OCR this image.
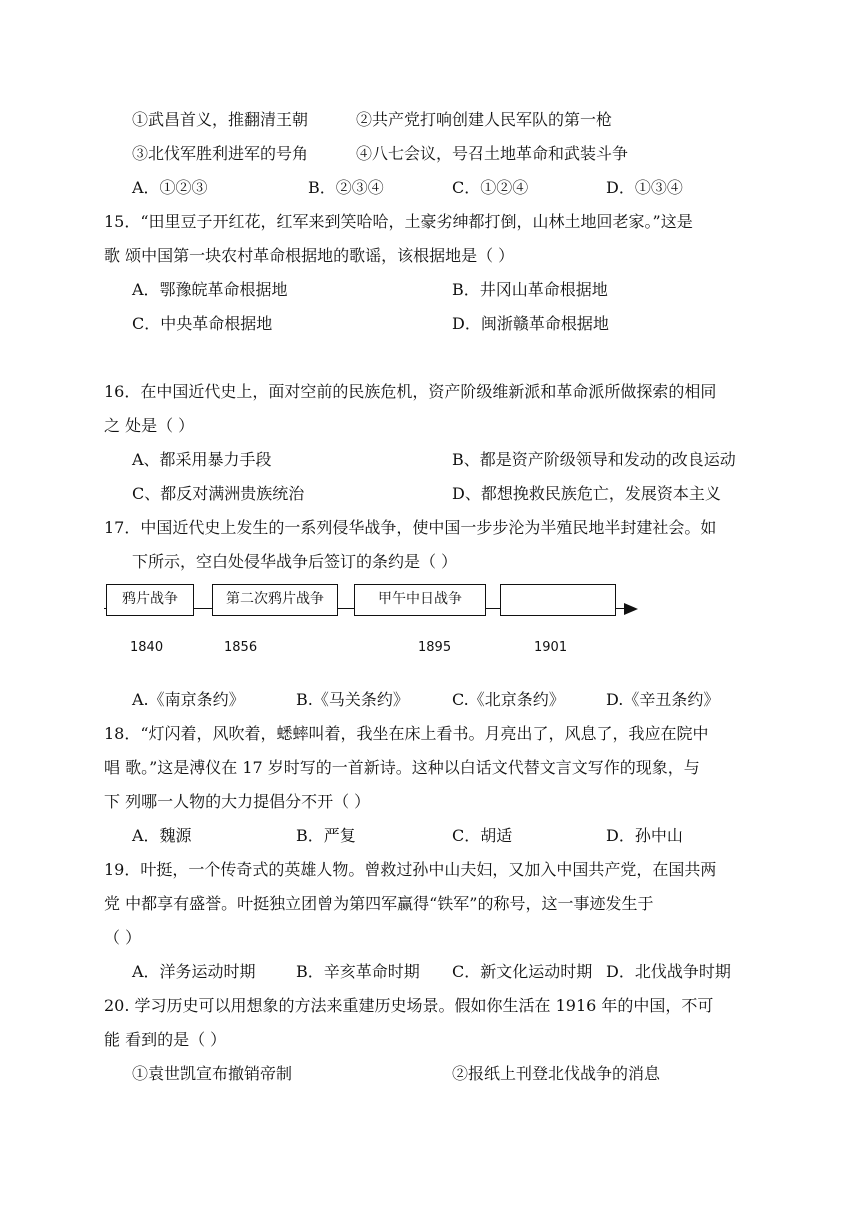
①武昌首义，推翻清王朝	②共产党打响创建人民军队的第一枪
③北伐军胜利进军的号角	④八七会议，号召土地革命和武装斗争
A．①②③	B．②③④	C．①②④	D．①③④
15．“田里豆子开红花，红军来到笑哈哈，土豪劣绅都打倒，山林土地回老家。”这是
歌 颂中国第一块农村革命根据地的歌谣，该根据地是（ ）
A．鄂豫皖革命根据地	B．井冈山革命根据地
C．中央革命根据地	D．闽浙赣革命根据地
16．在中国近代史上，面对空前的民族危机，资产阶级维新派和革命派所做探索的相同
之 处是（ ）
A、都采用暴力手段	B、都是资产阶级领导和发动的改良运动
C、都反对满洲贵族统治	D、都想挽救民族危亡，发展资本主义
17．中国近代史上发生的一系列侵华战争，使中国一步步沦为半殖民地半封建社会。如
下所示，空白处侵华战争后签订的条约是（ ）
鸦片战争	第二次鸦片战争	甲午中日战争
1840	1856	1895	1901
A.《南京条约》	B.《马关条约》	C.《北京条约》	D.《辛丑条约》
18．“灯闪着，风吹着，蟋蟀叫着，我坐在床上看书。月亮出了，风息了，我应在院中
唱 歌。”这是溥仪在 17 岁时写的一首新诗。这种以白话文代替文言文写作的现象，与
下 列哪一人物的大力提倡分不开（ ）
A．魏源	B．严复	C．胡适	D．孙中山
19．叶挺，一个传奇式的英雄人物。曾救过孙中山夫妇，又加入中国共产党，在国共两
党 中都享有盛誉。叶挺独立团曾为第四军赢得“铁军”的称号，这一事迹发生于
（ ）
A．洋务运动时期	B．辛亥革命时期 C．新文化运动时期 D．北伐战争时期
20. 学习历史可以用想象的方法来重建历史场景。假如你生活在 1916 年的中国，不可
能 看到的是（ ）
①袁世凯宣布撤销帝制	②报纸上刊登北伐战争的消息
